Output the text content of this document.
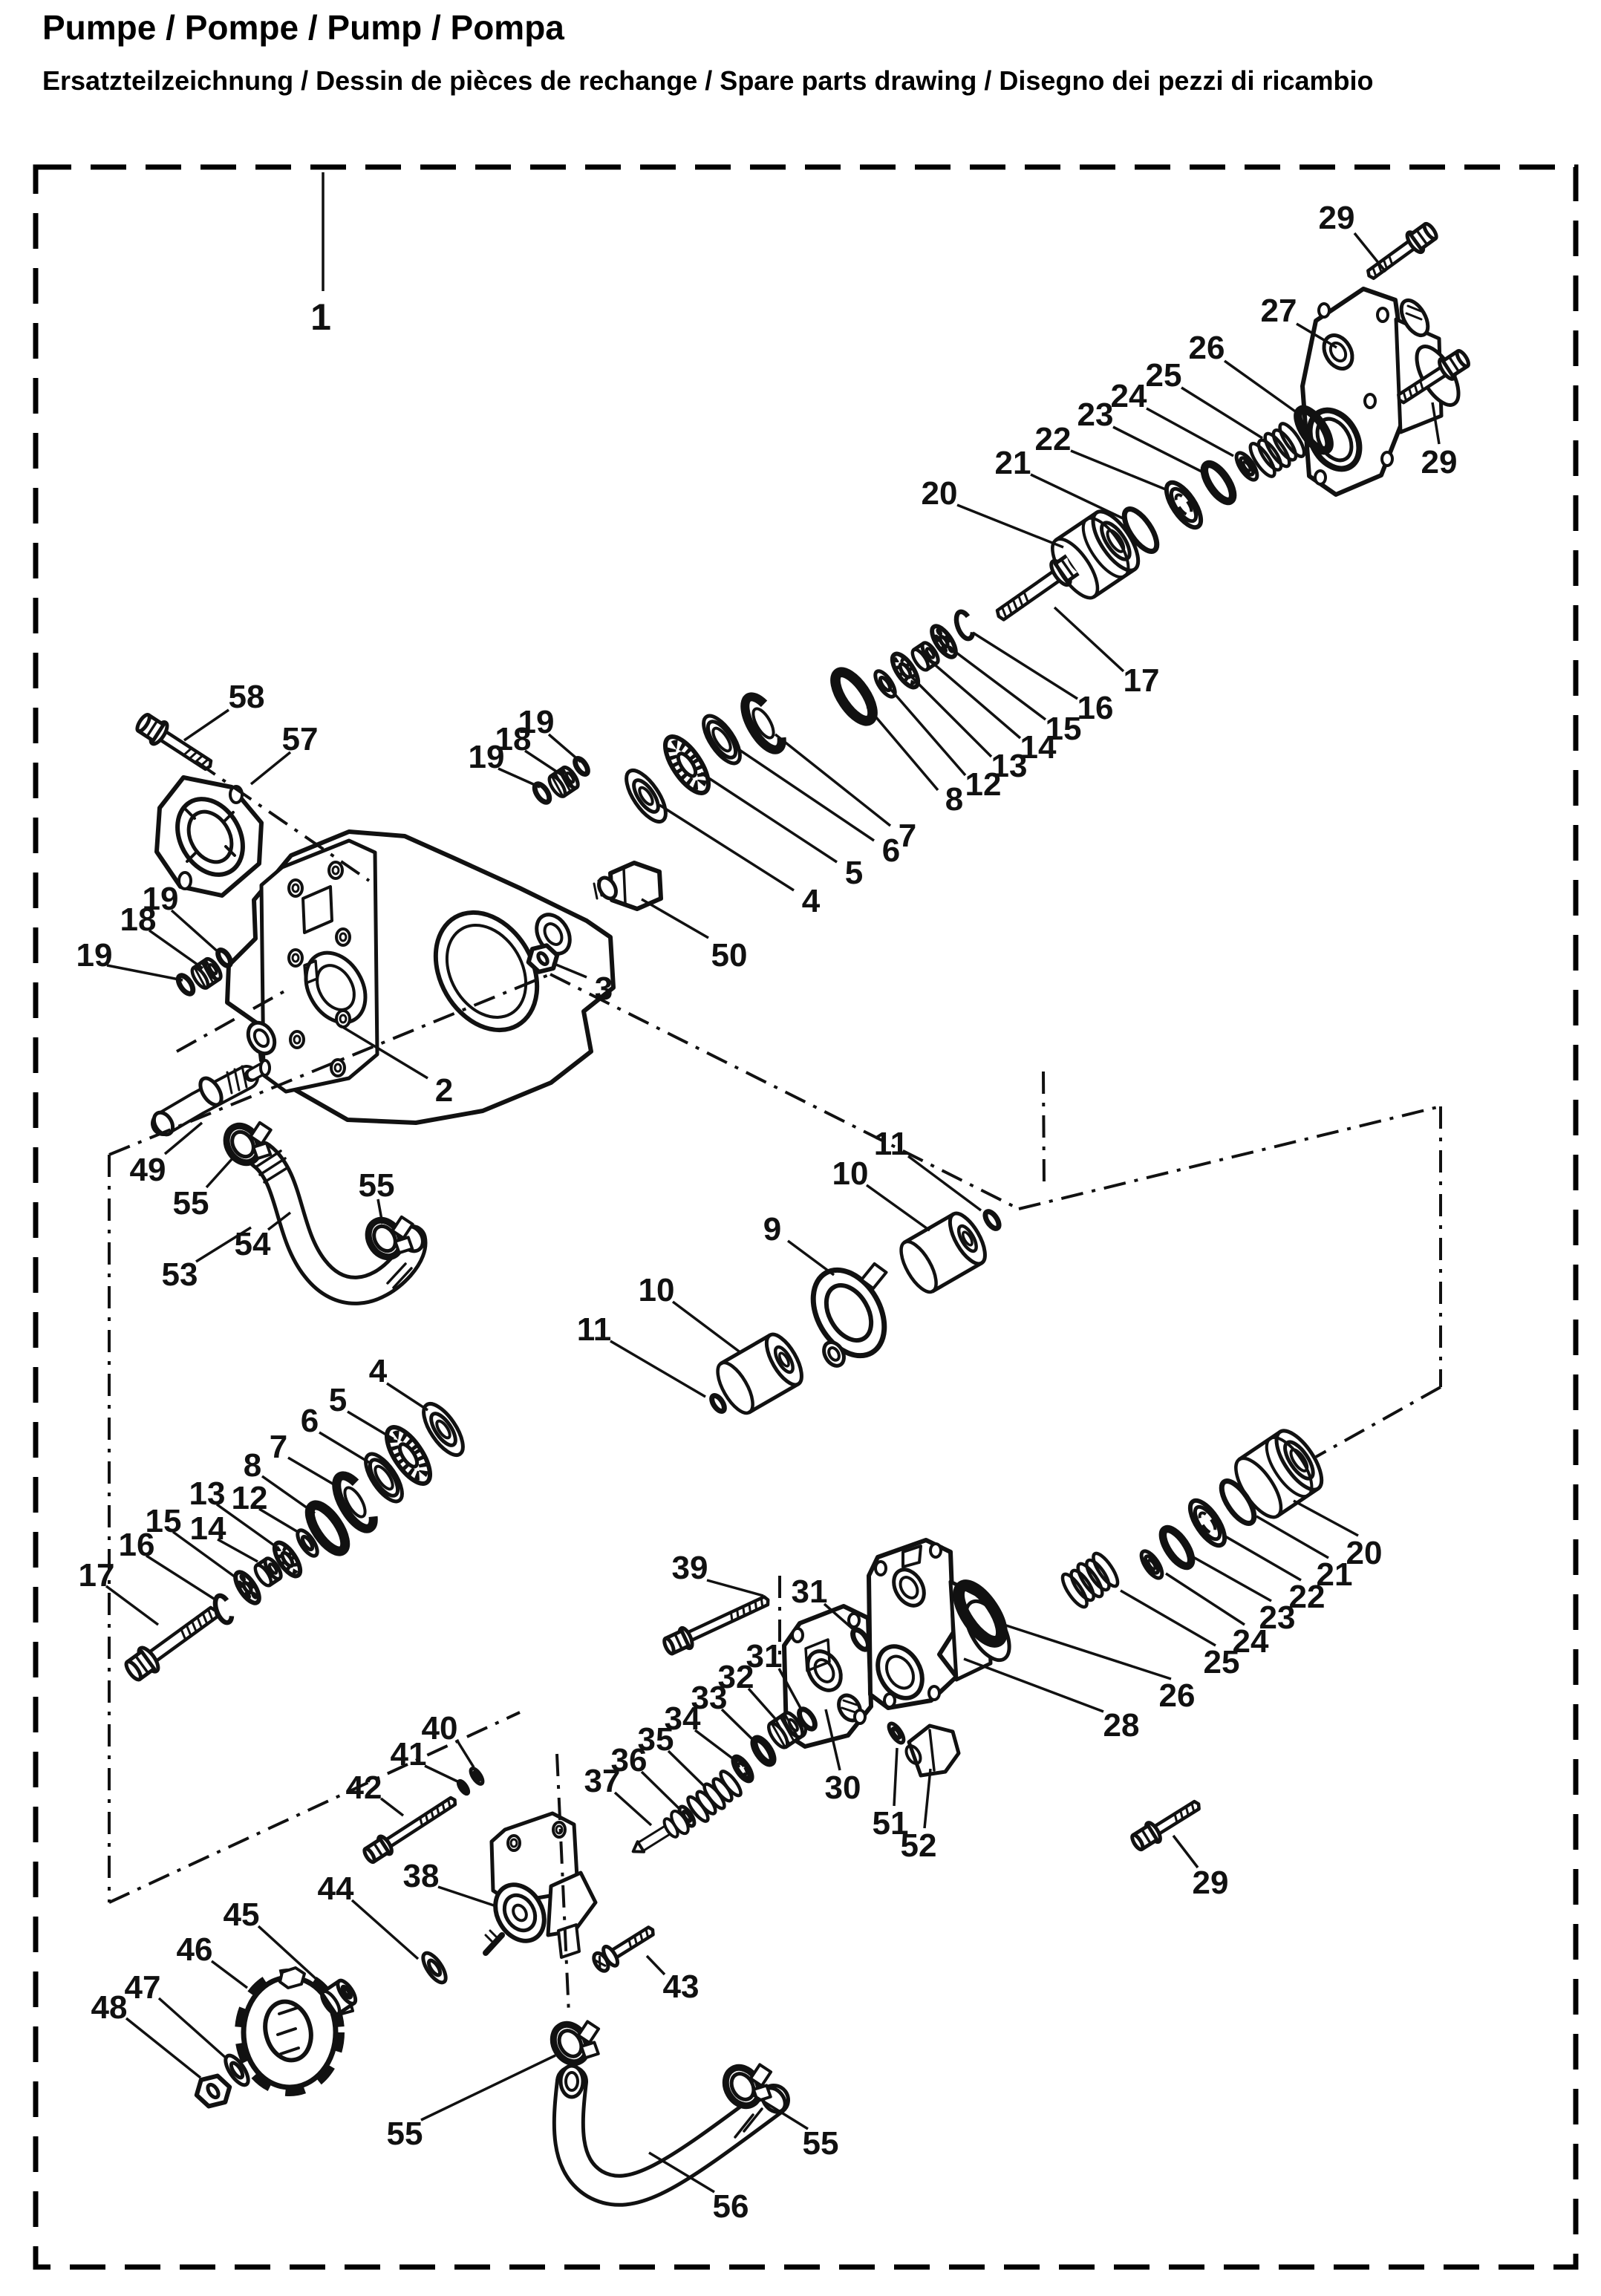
Pumpe / Pompe / Pump / Pompa
Ersatzteilzeichnung / Dessin de pièces de rechange / Spare parts drawing / Disegno dei pezzi di ricambio
1
29
27
26
25
24
23
22
21
20
29
17
16
15
14
13
12
8
7
6
5
4
58
57	19
18
19
19
18
19	50
3
2
49
55
54
53
55
11
10
9
10
11
4
5
6
7
8
13 12
15 14
16
17
20
21
22
23
24
25
26
28
39
31
31
32
33
34
35
36
37	30
51
52
29
40
41
42
38
44
43
45
46
47
48
55	55
56
